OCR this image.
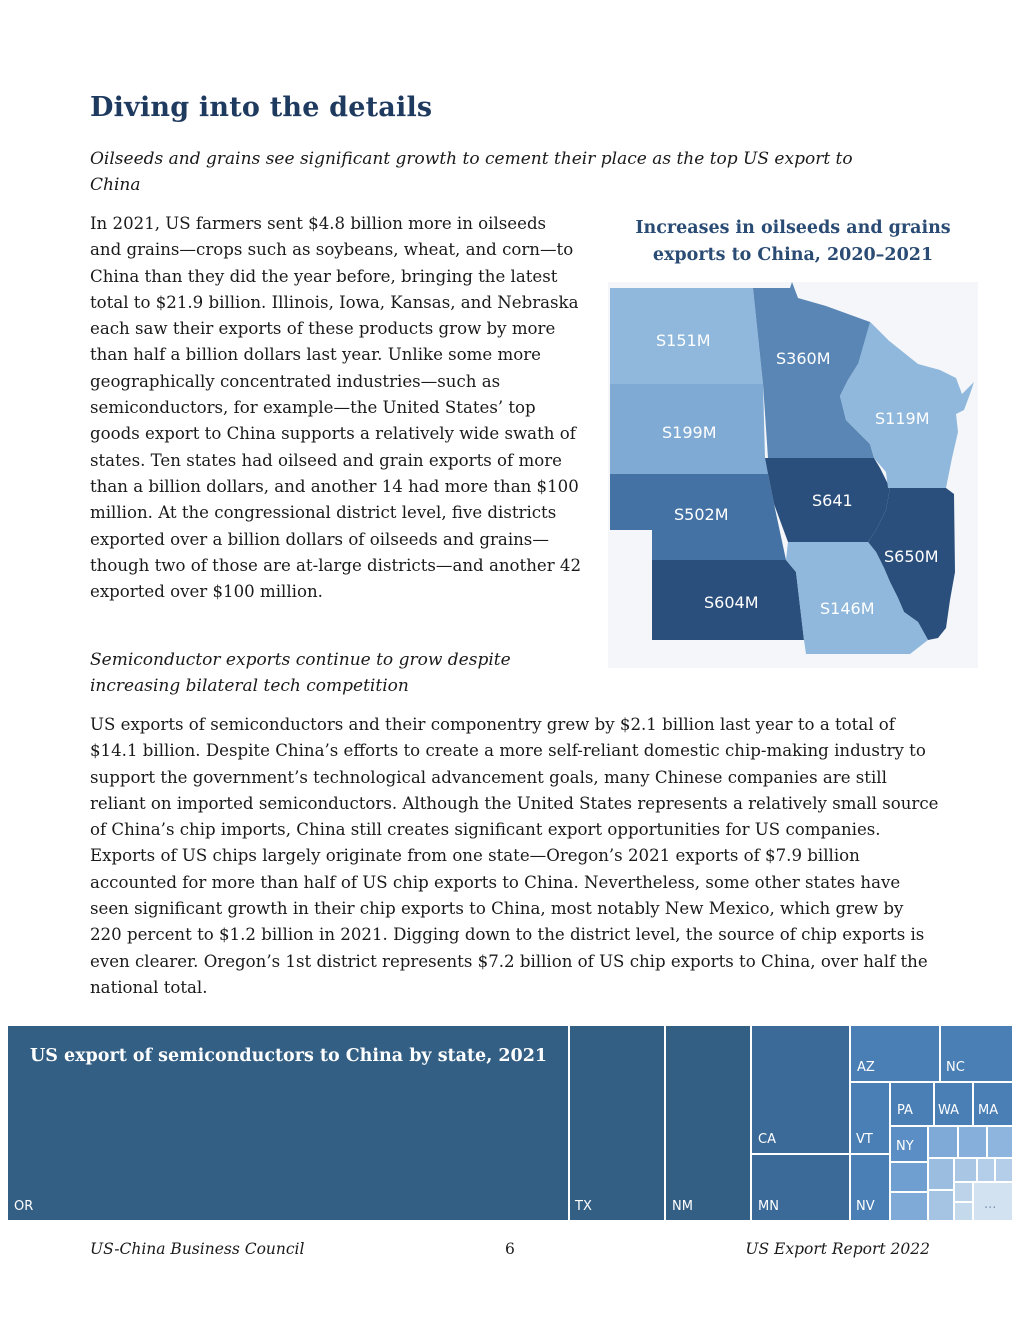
Diving into the details

Oilseeds and grains see significant growth to cement their place as the top US export to China

In 2021, US farmers sent $4.8 billion more in oilseeds and grains—crops such as soybeans, wheat, and corn—to China than they did the year before, bringing the latest total to $21.9 billion. Illinois, Iowa, Kansas, and Nebraska each saw their exports of these products grow by more than half a billion dollars last year. Unlike some more geographically concentrated industries—such as semiconductors, for example—the United States’ top goods export to China supports a relatively wide swath of states. Ten states had oilseed and grain exports of more than a billion dollars, and another 14 had more than $100 million. At the congressional district level, five districts exported over a billion dollars of oilseeds and grains—though two of those are at-large districts—and another 42 exported over $100 million.

Increases in oilseeds and grains exports to China, 2020–2021
S151M
S360M
S119M
S199M
S641
S502M
S650M
S604M	S146M

Semiconductor exports continue to grow despite increasing bilateral tech competition

US exports of semiconductors and their componentry grew by $2.1 billion last year to a total of $14.1 billion. Despite China’s efforts to create a more self-reliant domestic chip-making industry to support the government’s technological advancement goals, many Chinese companies are still reliant on imported semiconductors. Although the United States represents a relatively small source of China’s chip imports, China still creates significant export opportunities for US companies. Exports of US chips largely originate from one state—Oregon’s 2021 exports of $7.9 billion accounted for more than half of US chip exports to China. Nevertheless, some other states have seen significant growth in their chip exports to China, most notably New Mexico, which grew by 220 percent to $1.2 billion in 2021. Digging down to the district level, the source of chip exports is even clearer. Oregon’s 1st district represents $7.2 billion of US chip exports to China, over half the national total.

US export of semiconductors to China by state, 2021
OR	TX	NM
CA
MN
AZ	NC
VT
NV
PA WA MA
NY
...
US-China Business Council	6	US Export Report 2022
